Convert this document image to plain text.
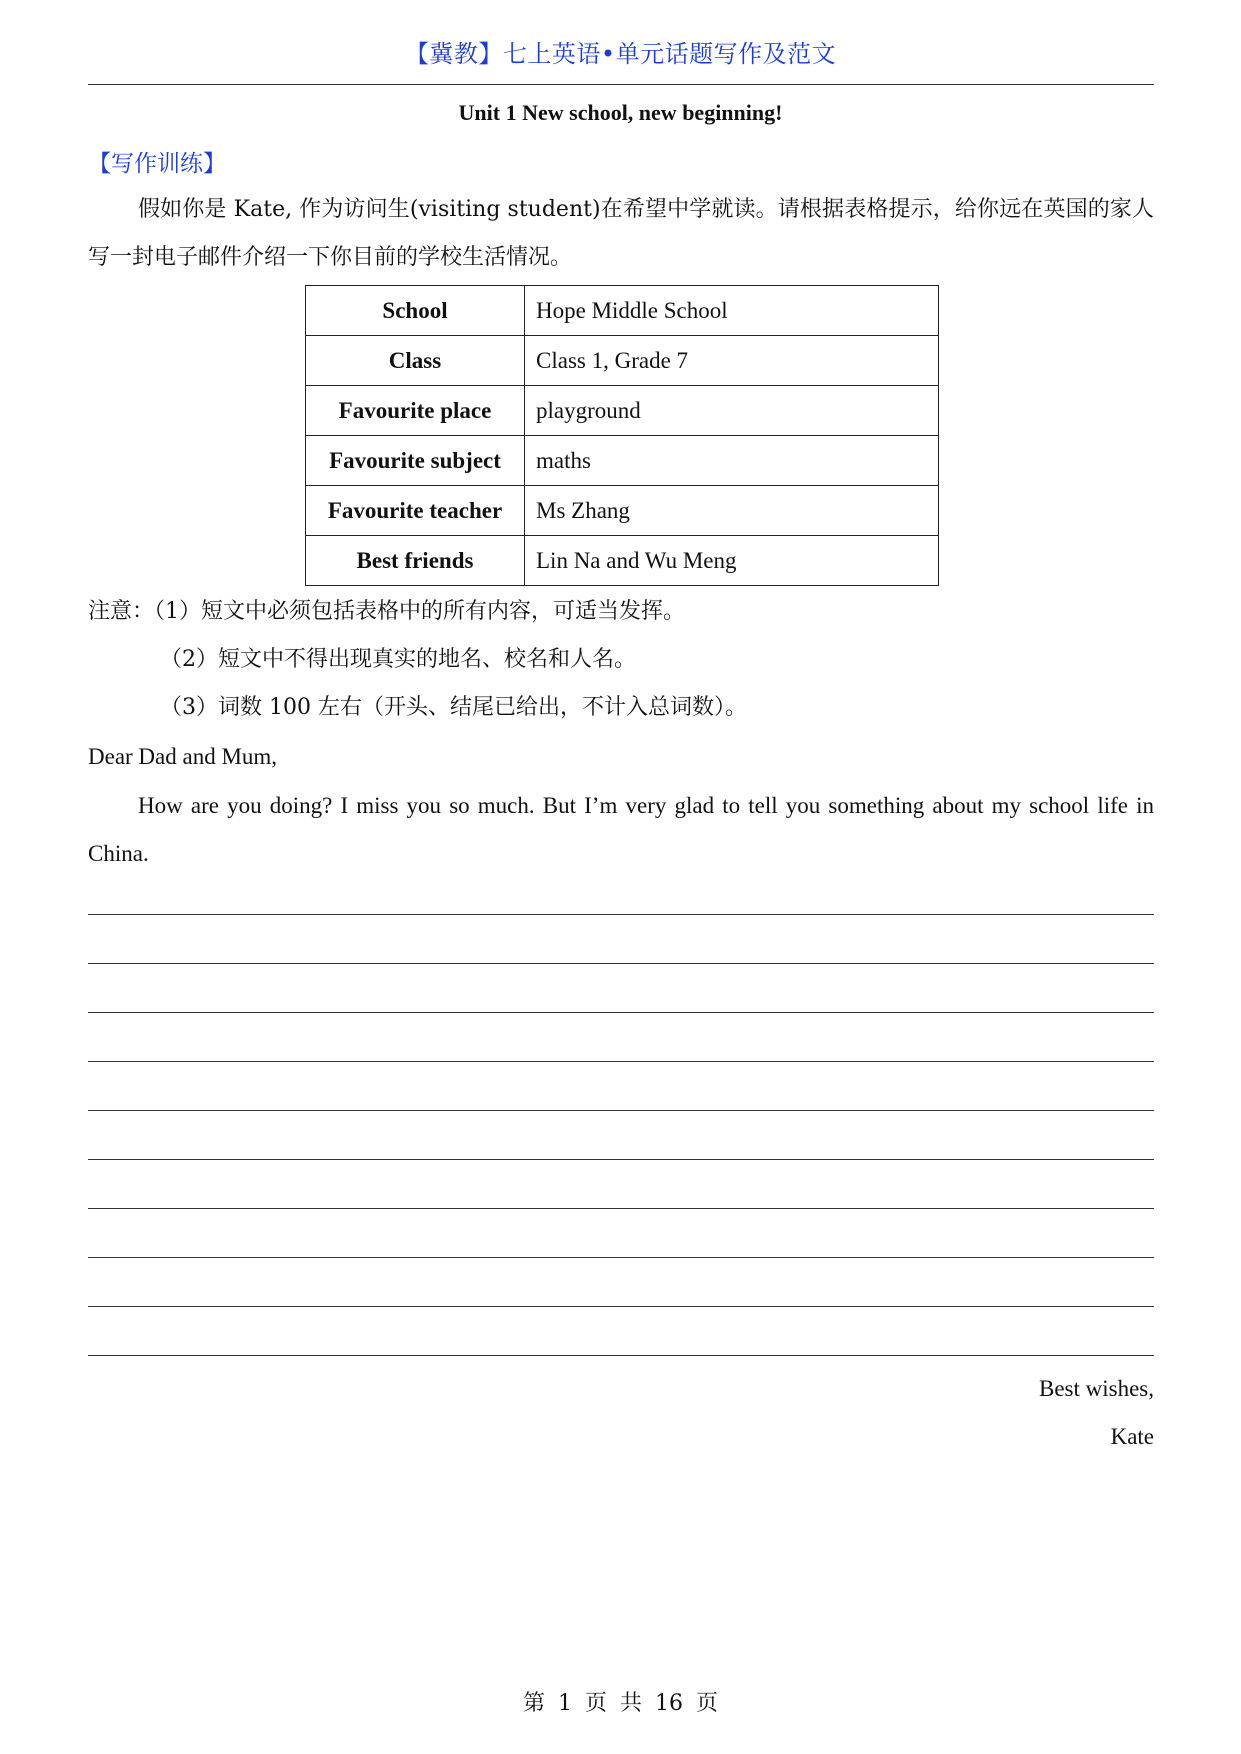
【冀教】七上英语•单元话题写作及范文
Unit 1 New school, new beginning!
【写作训练】
假如你是 Kate, 作为访问生(visiting student)在希望中学就读。请根据表格提示，给你远在英国的家人写一封电子邮件介绍一下你目前的学校生活情况。
School	Hope Middle School
Class	Class 1, Grade 7
Favourite place	playground
Favourite subject	maths
Favourite teacher	Ms Zhang
Best friends	Lin Na and Wu Meng
注意：（1）短文中必须包括表格中的所有内容，可适当发挥。
（2）短文中不得出现真实的地名、校名和人名。
（3）词数 100 左右（开头、结尾已给出，不计入总词数）。
Dear Dad and Mum,
How are you doing? I miss you so much. But I’m very glad to tell you something about my school life in China.
Best wishes,
Kate
第 1 页 共 16 页
